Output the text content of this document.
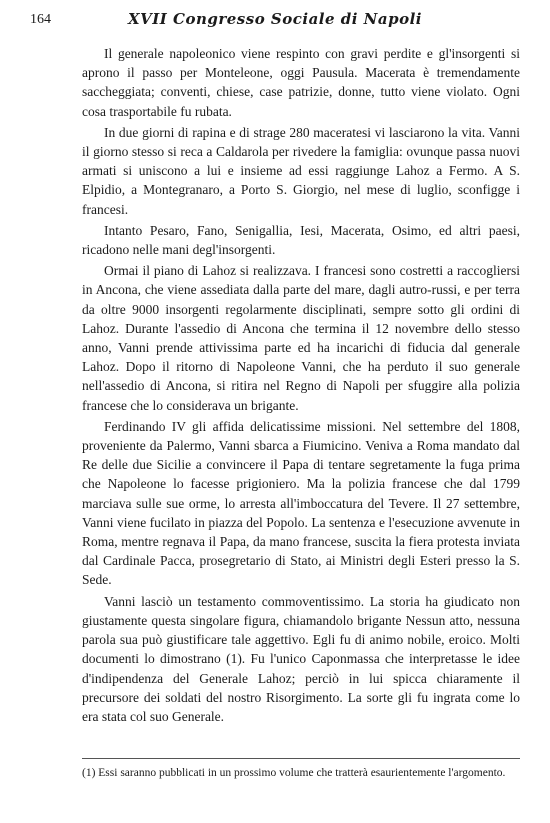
164	XVII Congresso Sociale di Napoli

Il generale napoleonico viene respinto con gravi perdite e gl'insorgenti si aprono il passo per Monteleone, oggi Pausula. Macerata è tremendamente saccheggiata; conventi, chiese, case patrizie, donne, tutto viene violato. Ogni cosa trasportabile fu rubata.

In due giorni di rapina e di strage 280 maceratesi vi lasciarono la vita. Vanni il giorno stesso si reca a Caldarola per rivedere la famiglia: ovunque passa nuovi armati si uniscono a lui e insieme ad essi raggiunge Lahoz a Fermo. A S. Elpidio, a Montegranaro, a Porto S. Giorgio, nel mese di luglio, sconfigge i francesi.

Intanto Pesaro, Fano, Senigallia, Iesi, Macerata, Osimo, ed altri paesi, ricadono nelle mani degl'insorgenti.

Ormai il piano di Lahoz si realizzava. I francesi sono costretti a raccogliersi in Ancona, che viene assediata dalla parte del mare, dagli autro-russi, e per terra da oltre 9000 insorgenti regolarmente disciplinati, sempre sotto gli ordini di Lahoz. Durante l'assedio di Ancona che termina il 12 novembre dello stesso anno, Vanni prende attivissima parte ed ha incarichi di fiducia dal generale Lahoz. Dopo il ritorno di Napoleone Vanni, che ha perduto il suo generale nell'assedio di Ancona, si ritira nel Regno di Napoli per sfuggire alla polizia francese che lo considerava un brigante.

Ferdinando IV gli affida delicatissime missioni. Nel settembre del 1808, proveniente da Palermo, Vanni sbarca a Fiumicino. Veniva a Roma mandato dal Re delle due Sicilie a convincere il Papa di tentare segretamente la fuga prima che Napoleone lo facesse prigioniero. Ma la polizia francese che dal 1799 marciava sulle sue orme, lo arresta all'imboccatura del Tevere. Il 27 settembre, Vanni viene fucilato in piazza del Popolo. La sentenza e l'esecuzione avvenute in Roma, mentre regnava il Papa, da mano francese, suscita la fiera protesta inviata dal Cardinale Pacca, prosegretario di Stato, ai Ministri degli Esteri presso la S. Sede.

Vanni lasciò un testamento commoventissimo. La storia ha giudicato non giustamente questa singolare figura, chiamandolo brigante Nessun atto, nessuna parola sua può giustificare tale aggettivo. Egli fu di animo nobile, eroico. Molti documenti lo dimostrano (1). Fu l'unico Caponmassa che interpretasse le idee d'indipendenza del Generale Lahoz; perciò in lui spicca chiaramente il precursore dei soldati del nostro Risorgimento. La sorte gli fu ingrata come lo era stata col suo Generale.

(1) Essi saranno pubblicati in un prossimo volume che tratterà esaurientemente l'argomento.
